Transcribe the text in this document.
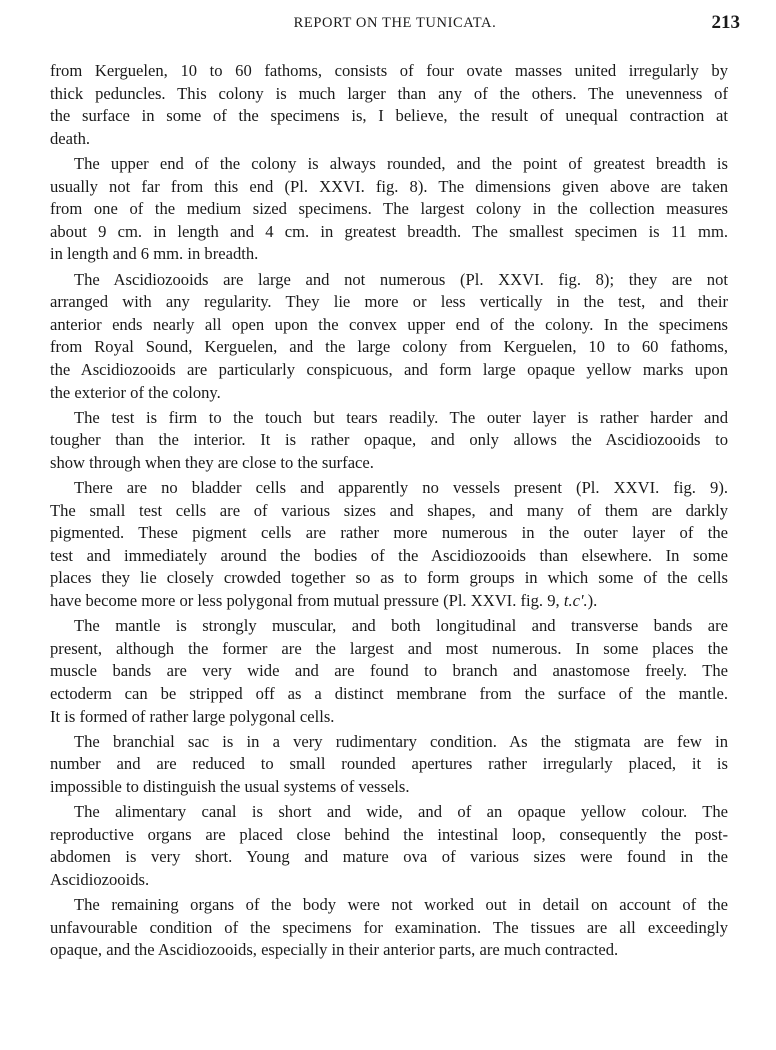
REPORT ON THE TUNICATA.	213
from Kerguelen, 10 to 60 fathoms, consists of four ovate masses united irregularly by
thick peduncles. This colony is much larger than any of the others. The unevenness of
the surface in some of the specimens is, I believe, the result of unequal contraction at
death.
The upper end of the colony is always rounded, and the point of greatest breadth is
usually not far from this end (Pl. XXVI. fig. 8). The dimensions given above are taken
from one of the medium sized specimens. The largest colony in the collection measures
about 9 cm. in length and 4 cm. in greatest breadth. The smallest specimen is 11 mm.
in length and 6 mm. in breadth.
The Ascidiozooids are large and not numerous (Pl. XXVI. fig. 8); they are not
arranged with any regularity. They lie more or less vertically in the test, and their
anterior ends nearly all open upon the convex upper end of the colony. In the specimens
from Royal Sound, Kerguelen, and the large colony from Kerguelen, 10 to 60 fathoms,
the Ascidiozooids are particularly conspicuous, and form large opaque yellow marks upon
the exterior of the colony.
The test is firm to the touch but tears readily. The outer layer is rather harder and
tougher than the interior. It is rather opaque, and only allows the Ascidiozooids to
show through when they are close to the surface.
There are no bladder cells and apparently no vessels present (Pl. XXVI. fig. 9).
The small test cells are of various sizes and shapes, and many of them are darkly
pigmented. These pigment cells are rather more numerous in the outer layer of the
test and immediately around the bodies of the Ascidiozooids than elsewhere. In some
places they lie closely crowded together so as to form groups in which some of the cells
have become more or less polygonal from mutual pressure (Pl. XXVI. fig. 9, t.c'.).
The mantle is strongly muscular, and both longitudinal and transverse bands are
present, although the former are the largest and most numerous. In some places the
muscle bands are very wide and are found to branch and anastomose freely. The
ectoderm can be stripped off as a distinct membrane from the surface of the mantle.
It is formed of rather large polygonal cells.
The branchial sac is in a very rudimentary condition. As the stigmata are few in
number and are reduced to small rounded apertures rather irregularly placed, it is
impossible to distinguish the usual systems of vessels.
The alimentary canal is short and wide, and of an opaque yellow colour. The
reproductive organs are placed close behind the intestinal loop, consequently the post-
abdomen is very short. Young and mature ova of various sizes were found in the
Ascidiozooids.
The remaining organs of the body were not worked out in detail on account of the
unfavourable condition of the specimens for examination. The tissues are all exceedingly
opaque, and the Ascidiozooids, especially in their anterior parts, are much contracted.
